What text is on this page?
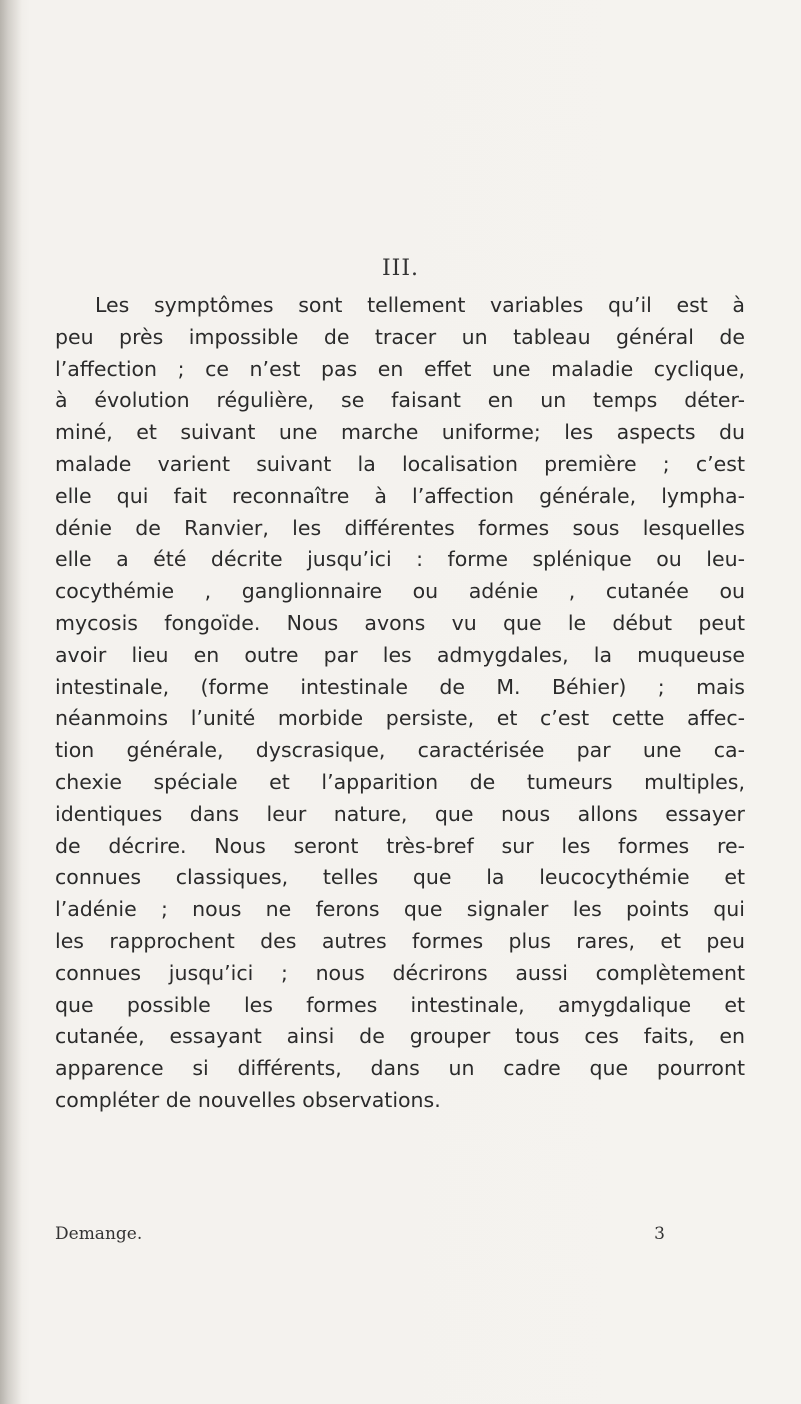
III.
Les symptômes sont tellement variables qu’il est à
peu près impossible de tracer un tableau général de
l’affection ; ce n’est pas en effet une maladie cyclique,
à évolution régulière, se faisant en un temps déter-
miné, et suivant une marche uniforme; les aspects du
malade varient suivant la localisation première ; c’est
elle qui fait reconnaître à l’affection générale, lympha-
dénie de Ranvier, les différentes formes sous lesquelles
elle a été décrite jusqu’ici : forme splénique ou leu-
cocythémie , ganglionnaire ou adénie , cutanée ou
mycosis fongoïde. Nous avons vu que le début peut
avoir lieu en outre par les admygdales, la muqueuse
intestinale, (forme intestinale de M. Béhier) ; mais
néanmoins l’unité morbide persiste, et c’est cette affec-
tion générale, dyscrasique, caractérisée par une ca-
chexie spéciale et l’apparition de tumeurs multiples,
identiques dans leur nature, que nous allons essayer
de décrire. Nous seront très-bref sur les formes re-
connues classiques, telles que la leucocythémie et
l’adénie ; nous ne ferons que signaler les points qui
les rapprochent des autres formes plus rares, et peu
connues jusqu’ici ; nous décrirons aussi complètement
que possible les formes intestinale, amygdalique et
cutanée, essayant ainsi de grouper tous ces faits, en
apparence si différents, dans un cadre que pourront
compléter de nouvelles observations.
Demange.	3
